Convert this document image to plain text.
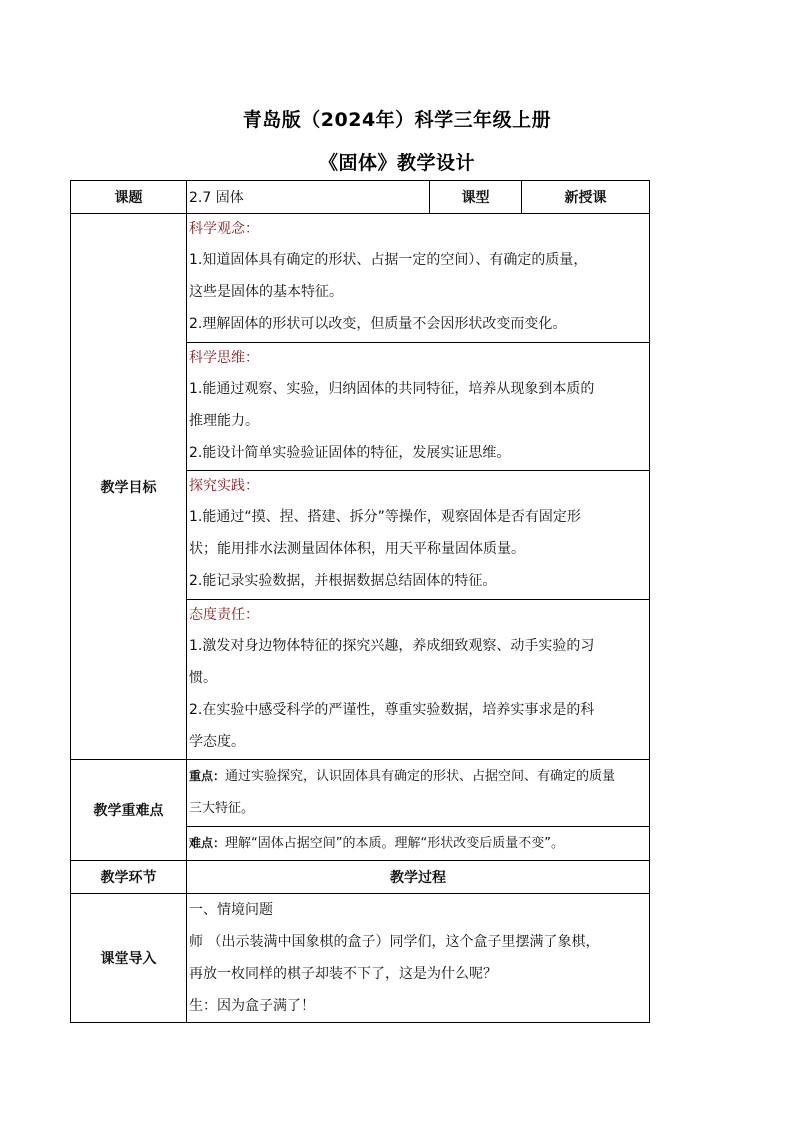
青岛版（2024年）科学三年级上册
《固体》教学设计
课题	2.7 固体	课型	新授课
教学目标	科学观念：
1.知道固体具有确定的形状、占据一定的空间）、有确定的质量，
这些是固体的基本特征。
2.理解固体的形状可以改变，但质量不会因形状改变而变化。		

	科学思维：
1.能通过观察、实验，归纳固体的共同特征，培养从现象到本质的
推理能力。
2.能设计简单实验验证固体的特征，发展实证思维。		

	探究实践：
1.能通过“摸、捏、搭建、拆分”等操作，观察固体是否有固定形
状；能用排水法测量固体体积，用天平称量固体质量。
2.能记录实验数据，并根据数据总结固体的特征。		

	态度责任：
1.激发对身边物体特征的探究兴趣，养成细致观察、动手实验的习
惯。
2.在实验中感受科学的严谨性，尊重实验数据，培养实事求是的科
学态度。		

教学重难点	重点：通过实验探究，认识固体具有确定的形状、占据空间、有确定的质量
三大特征。		

	难点：理解“固体占据空间”的本质。理解“形状改变后质量不变”。		

教学环节	教学过程		
课堂导入	一、情境问题
师 （出示装满中国象棋的盒子）同学们，这个盒子里摆满了象棋，
再放一枚同样的棋子却装不下了，这是为什么呢？
生：因为盒子满了！		
